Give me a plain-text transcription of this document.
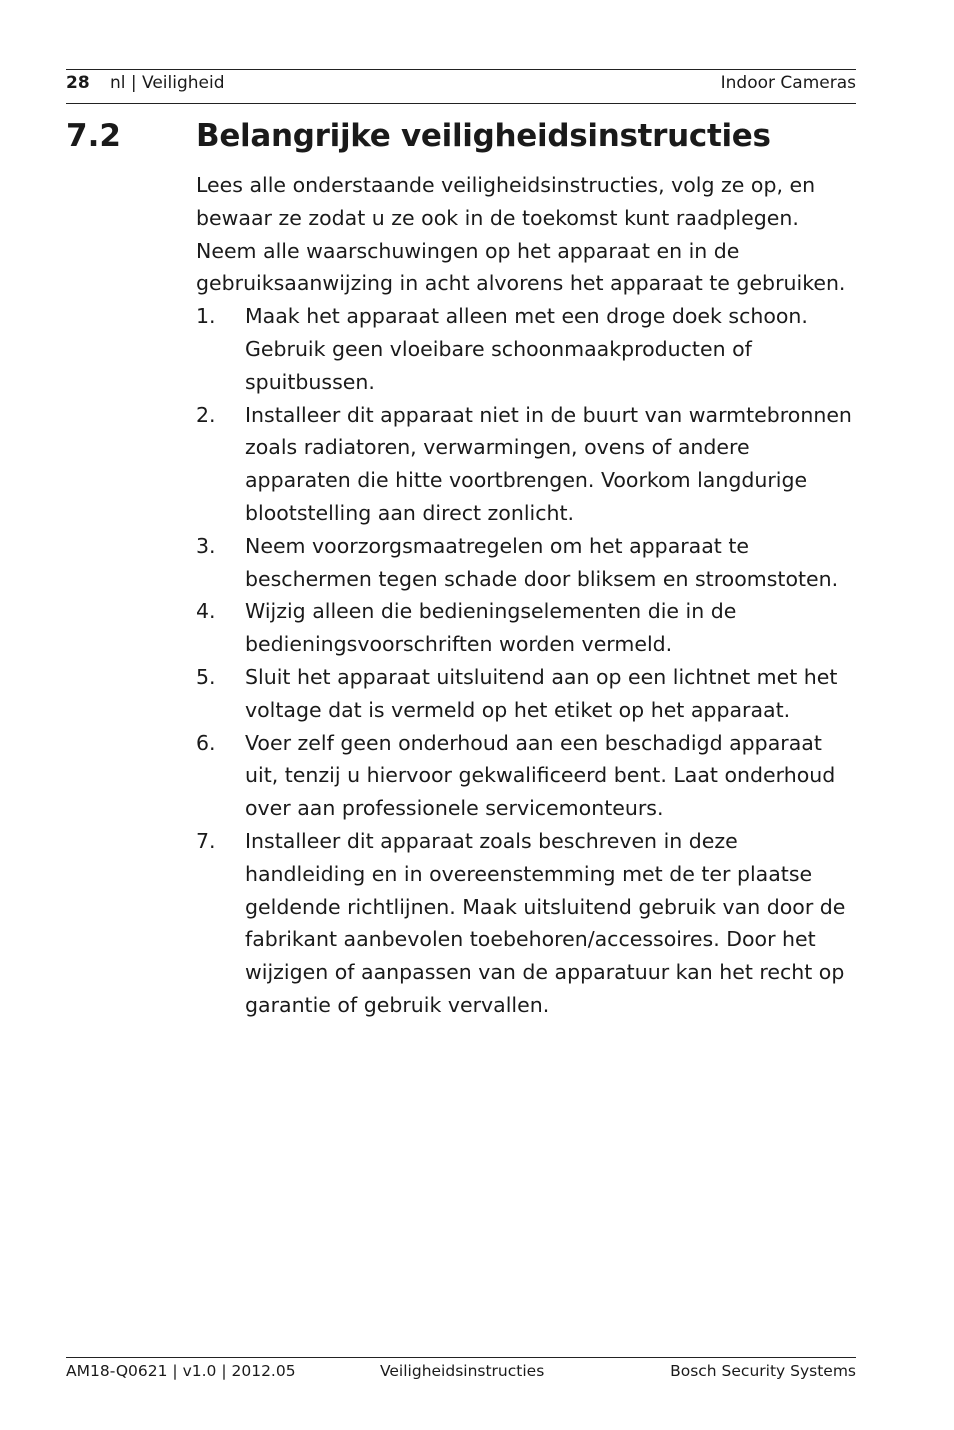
28 nl | Veiligheid	Indoor Cameras
7.2 Belangrijke veiligheidsinstructies

Lees alle onderstaande veiligheidsinstructies, volg ze op, en bewaar ze zodat u ze ook in de toekomst kunt raadplegen. Neem alle waarschuwingen op het apparaat en in de gebruiksaanwijzing in acht alvorens het apparaat te gebruiken.

1. Maak het apparaat alleen met een droge doek schoon. Gebruik geen vloeibare schoonmaakproducten of spuitbussen.
2. Installeer dit apparaat niet in de buurt van warmtebronnen zoals radiatoren, verwarmingen, ovens of andere apparaten die hitte voortbrengen. Voorkom langdurige blootstelling aan direct zonlicht.
3. Neem voorzorgsmaatregelen om het apparaat te beschermen tegen schade door bliksem en stroomstoten.
4. Wijzig alleen die bedieningselementen die in de bedieningsvoorschriften worden vermeld.
5. Sluit het apparaat uitsluitend aan op een lichtnet met het voltage dat is vermeld op het etiket op het apparaat.
6. Voer zelf geen onderhoud aan een beschadigd apparaat uit, tenzij u hiervoor gekwalificeerd bent. Laat onderhoud over aan professionele servicemonteurs.
7. Installeer dit apparaat zoals beschreven in deze handleiding en in overeenstemming met de ter plaatse geldende richtlijnen. Maak uitsluitend gebruik van door de fabrikant aanbevolen toebehoren/accessoires. Door het wijzigen of aanpassen van de apparatuur kan het recht op garantie of gebruik vervallen.
AM18-Q0621 | v1.0 | 2012.05	Veiligheidsinstructies	Bosch Security Systems
